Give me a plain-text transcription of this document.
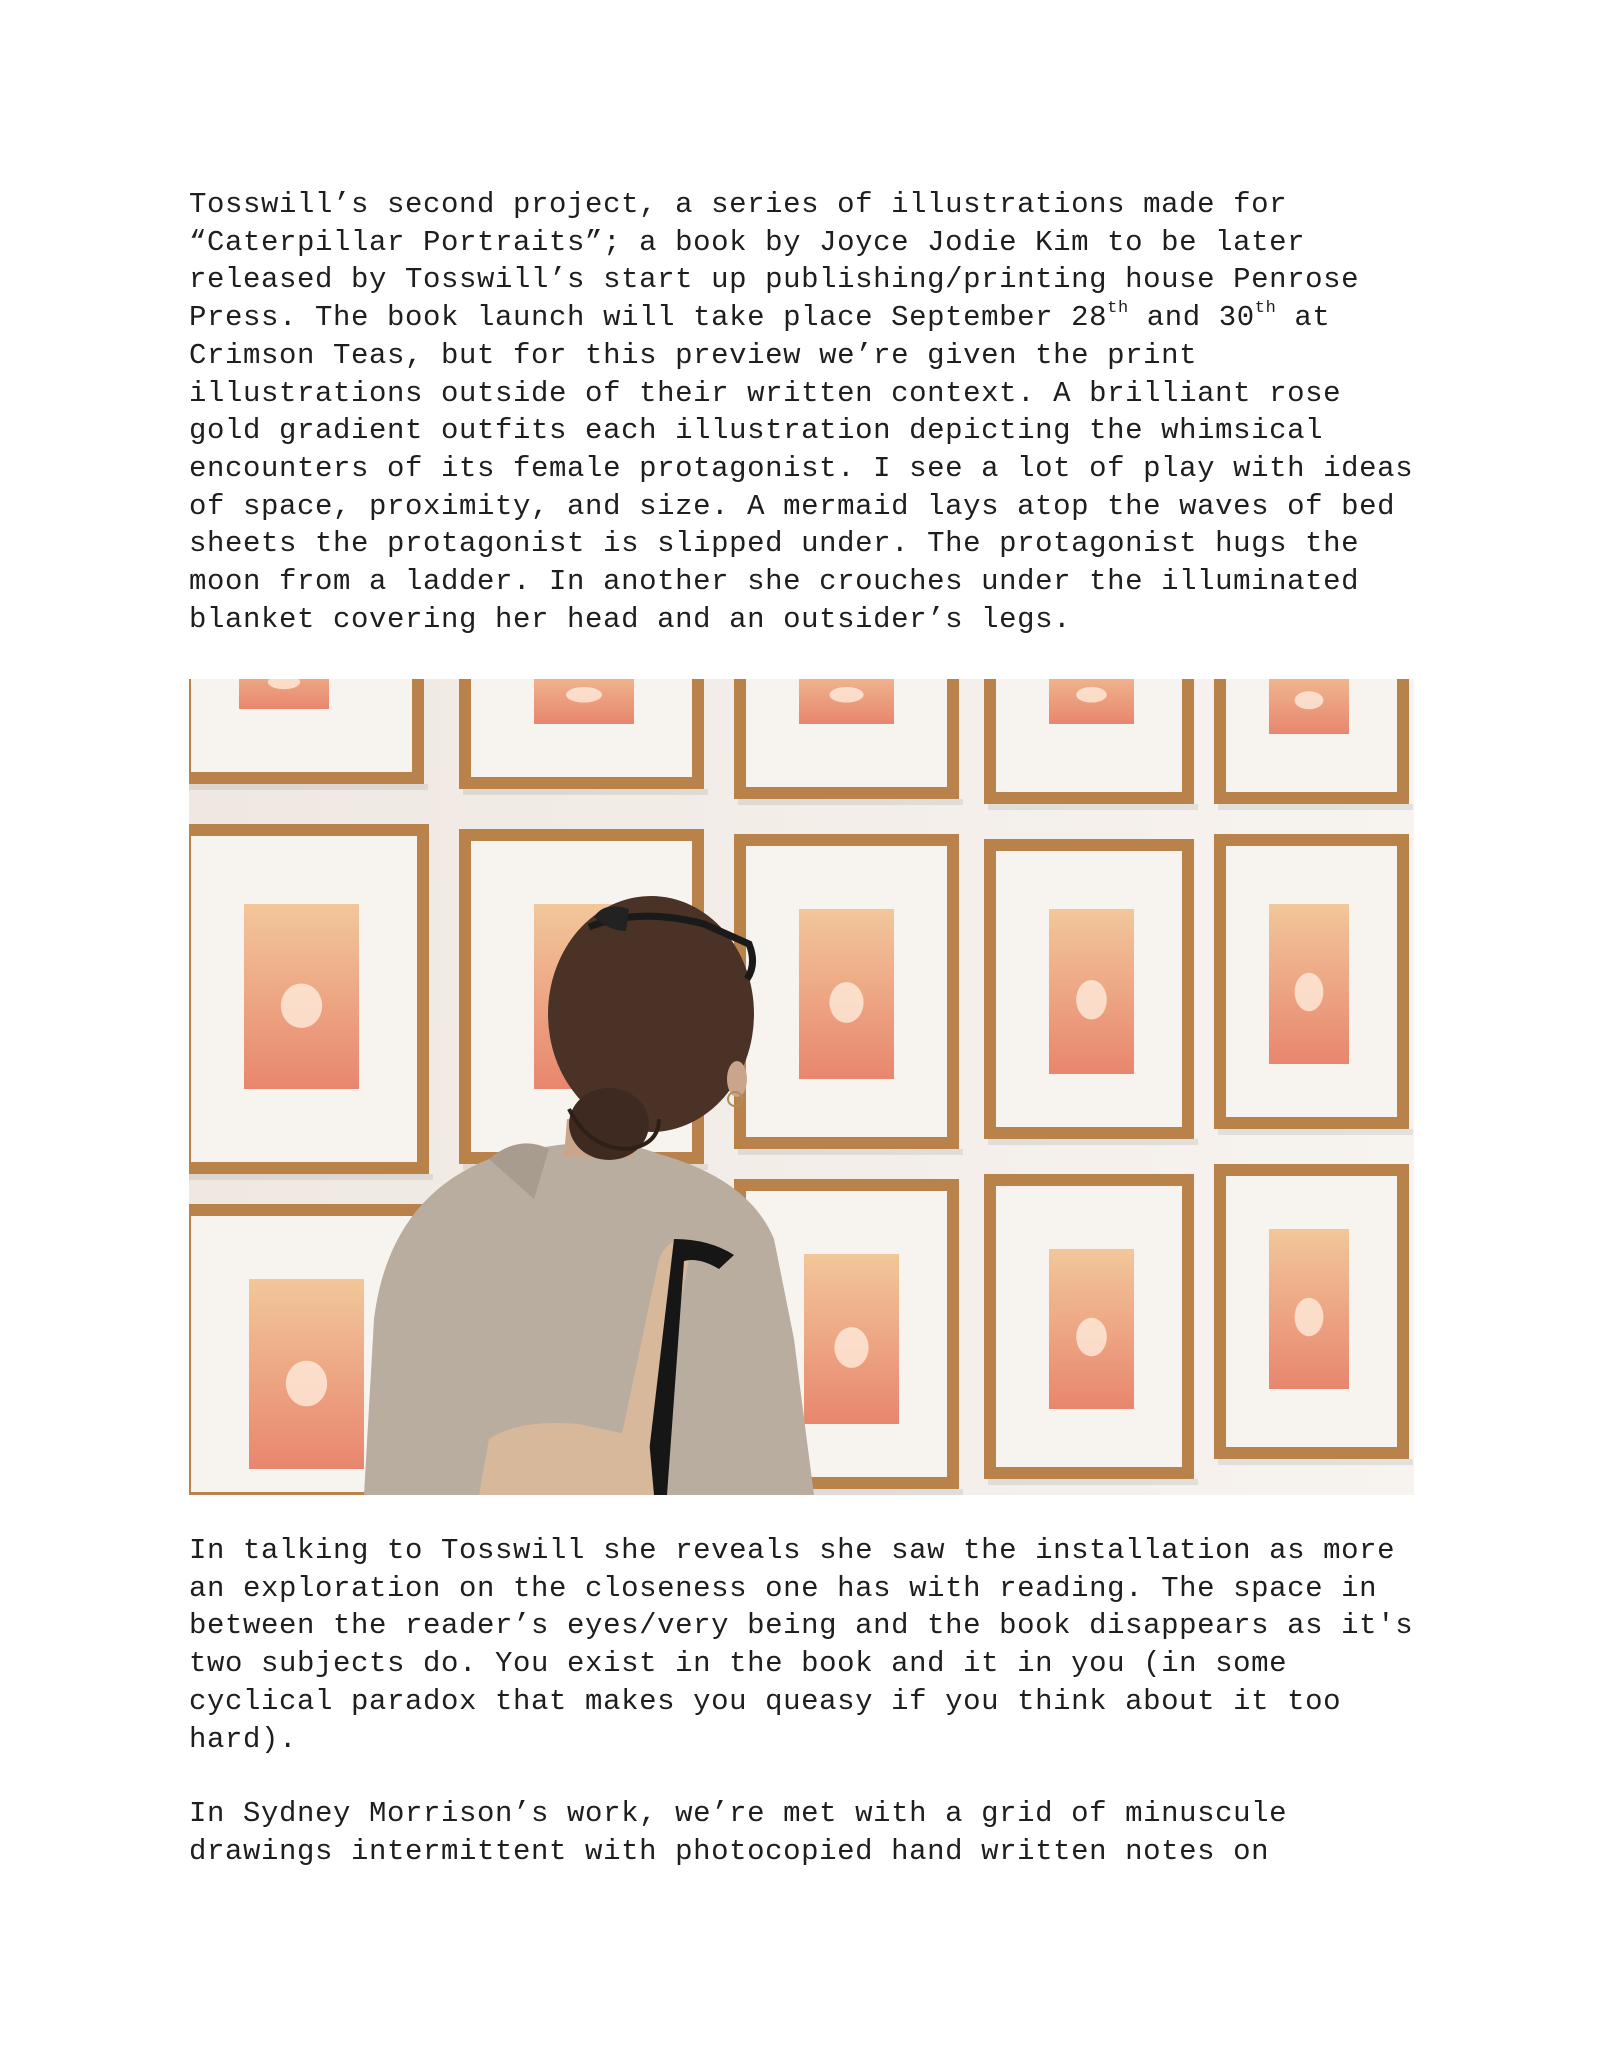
Tosswill’s second project, a series of illustrations made for “Caterpillar Portraits”; a book by Joyce Jodie Kim to be later released by Tosswill’s start up publishing/printing house Penrose Press. The book launch will take place September 28th and 30th at Crimson Teas, but for this preview we’re given the print illustrations outside of their written context. A brilliant rose gold gradient outfits each illustration depicting the whimsical encounters of its female protagonist. I see a lot of play with ideas of space, proximity, and size. A mermaid lays atop the waves of bed sheets the protagonist is slipped under. The protagonist hugs the moon from a ladder. In another she crouches under the illuminated blanket covering her head and an outsider’s legs.

In talking to Tosswill she reveals she saw the installation as more an exploration on the closeness one has with reading. The space in between the reader’s eyes/very being and the book disappears as it's two subjects do. You exist in the book and it in you (in some cyclical paradox that makes you queasy if you think about it too hard).

In Sydney Morrison’s work, we’re met with a grid of minuscule drawings intermittent with photocopied hand written notes on
